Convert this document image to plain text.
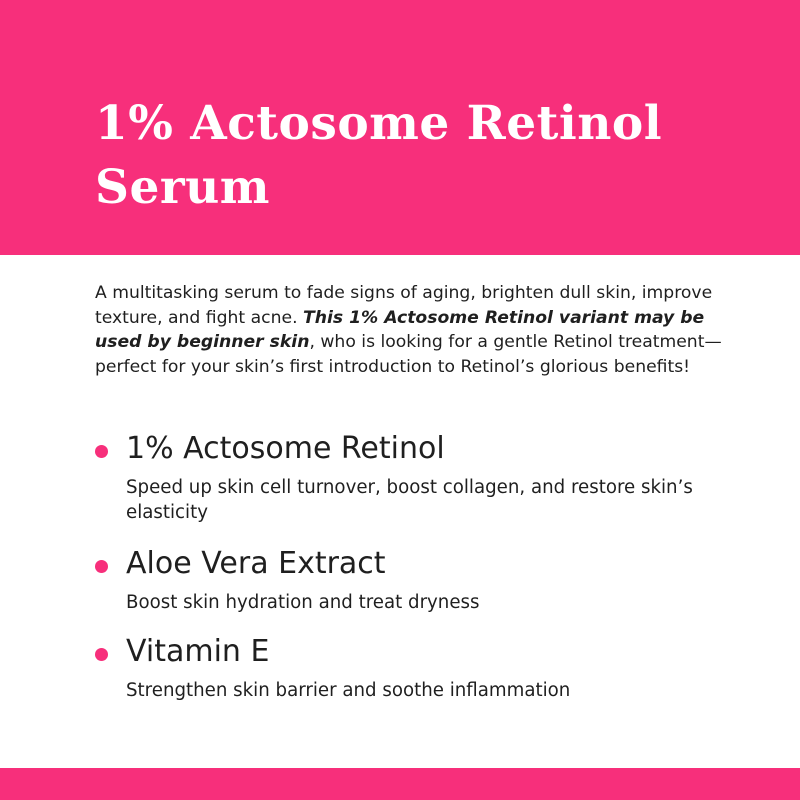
1% Actosome Retinol
Serum

A multitasking serum to fade signs of aging, brighten dull skin, improve texture, and fight acne. This 1% Actosome Retinol variant may be used by beginner skin, who is looking for a gentle Retinol treatment—perfect for your skin’s first introduction to Retinol’s glorious benefits!

1% Actosome Retinol
Speed up skin cell turnover, boost collagen, and restore skin’s elasticity
Aloe Vera Extract
Boost skin hydration and treat dryness
Vitamin E
Strengthen skin barrier and soothe inflammation
